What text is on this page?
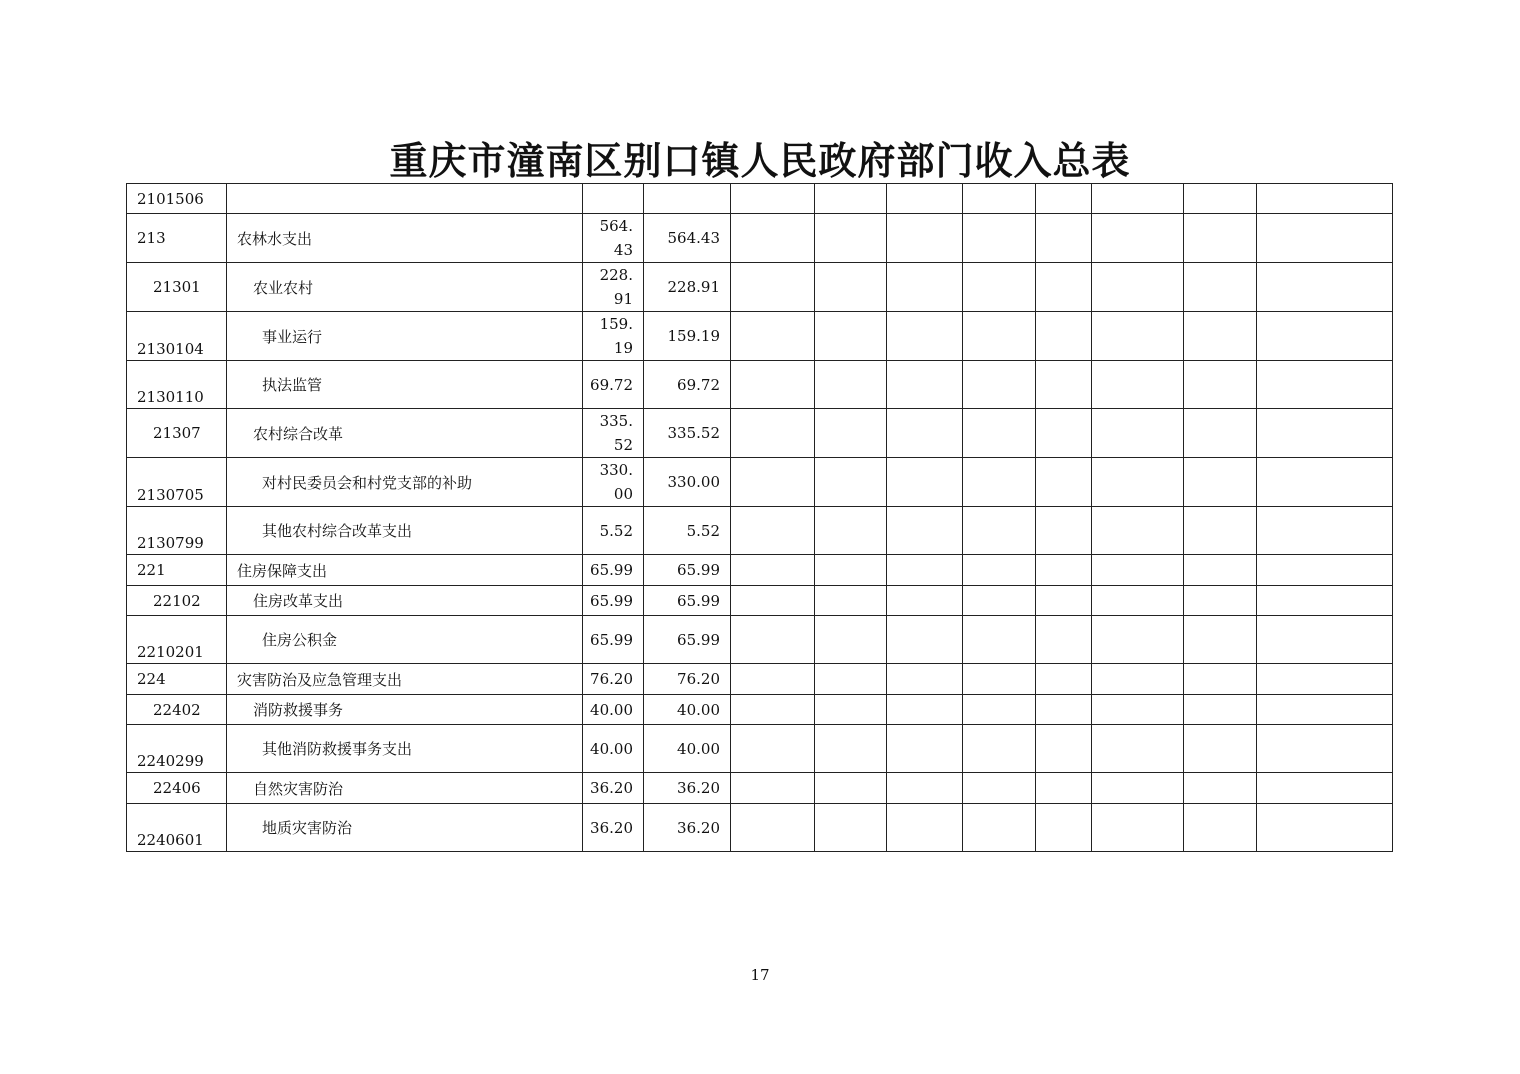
重庆市潼南区别口镇人民政府部门收入总表
2101506											

213	农林水支出	564.43	564.43								

21301	农业农村	228.91	228.91								

2130104	事业运行	159.19	159.19								

2130110	执法监管	69.72	69.72								

21307	农村综合改革	335.52	335.52								

2130705	对村民委员会和村党支部的补助	330.00	330.00								

2130799	其他农村综合改革支出	5.52	5.52								

221	住房保障支出	65.99	65.99								

22102	住房改革支出	65.99	65.99								

2210201	住房公积金	65.99	65.99								

224	灾害防治及应急管理支出	76.20	76.20								

22402	消防救援事务	40.00	40.00								

2240299	其他消防救援事务支出	40.00	40.00								

22406	自然灾害防治	36.20	36.20								

2240601	地质灾害防治	36.20	36.20								

17
